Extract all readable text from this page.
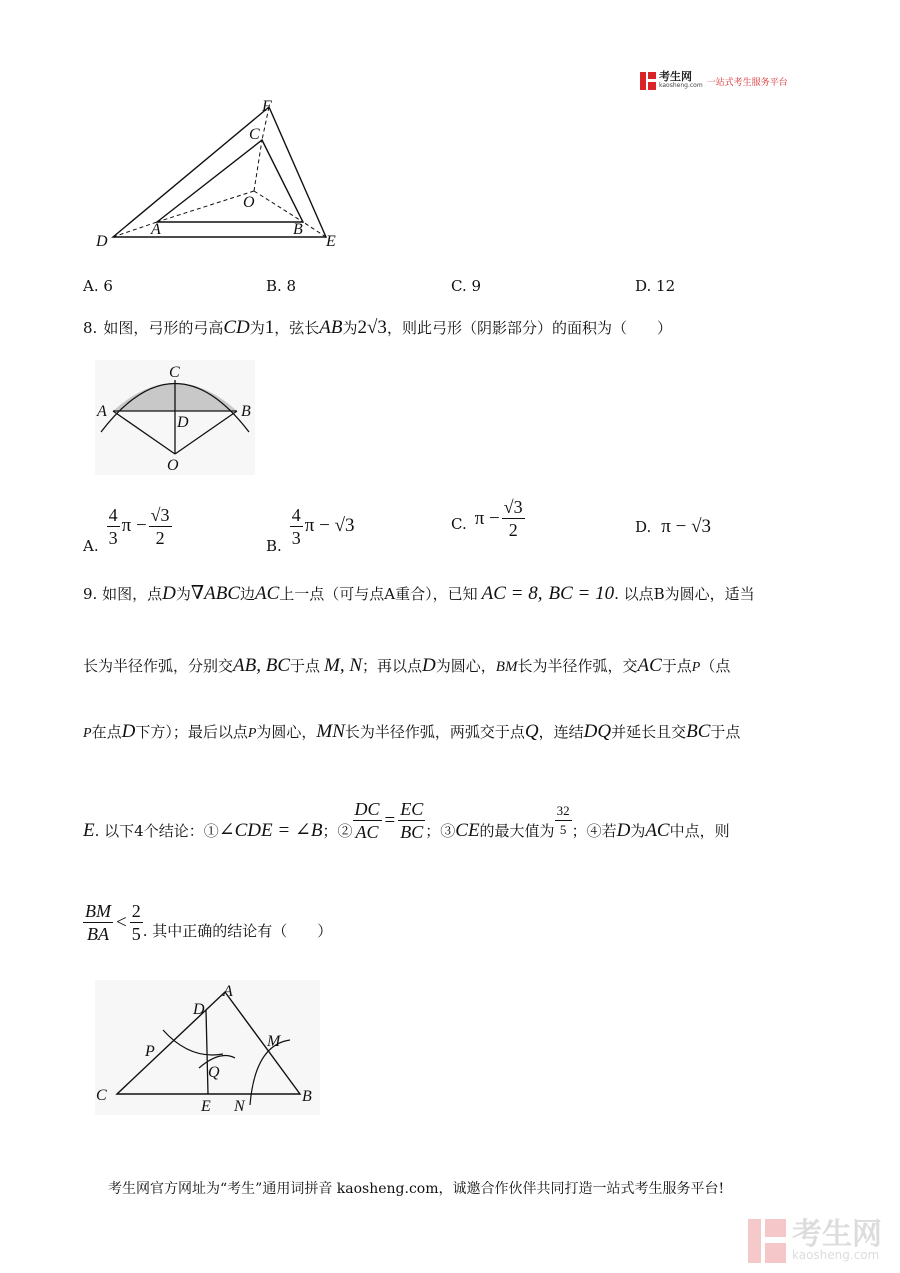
考生网
kaosheng.com 一站式考生服务平台
F
C
O
D
A	B
E
A. 6	B. 8	C. 9	D. 12
8. 如图，弓形的弓高 CD 为 1 ，弦长 AB 为 2√3 ，则此弓形（阴影部分）的面积为（　　）
C
A	B
D
O
A. $\frac{4}{3}$ $\pi - \frac{√3}{2}$	B. $\frac{4}{3}$ π − √3	C. $\pi - \frac{√3}{2}$	D. π − √3
9. 如图，点 D 为 ∇ABC 边 AC 上一点（可与点A重合），已知 AC = 8, BC = 10 . 以点B为圆心，适当
长为半径作弧，分别交 AB, BC 于点 M, N ；再以点 D 为圆心， BM 长为半径作弧，交 AC 于点 P （点
P 在点 D 下方）；最后以点 P 为圆心， MN 长为半径作弧，两弧交于点 Q ，连结 DQ 并延长且交 BC 于点
E . 以下4个结论：① ∠CDE = ∠B ；② $\frac{DC}{AC} = \frac{EC}{BC}$ ；③ CE 的最大值为 $\frac{32}{5}$ ；④若 D 为 AC 中点，则
$\frac{BM}{BA} < \frac{2}{5}$ . 其中正确的结论有（　　）
A
D
P
M
Q
C
E N
B
考生网官方网址为“考生”通用词拼音 kaosheng.com，诚邀合作伙伴共同打造一站式考生服务平台!
考生网
kaosheng.com
